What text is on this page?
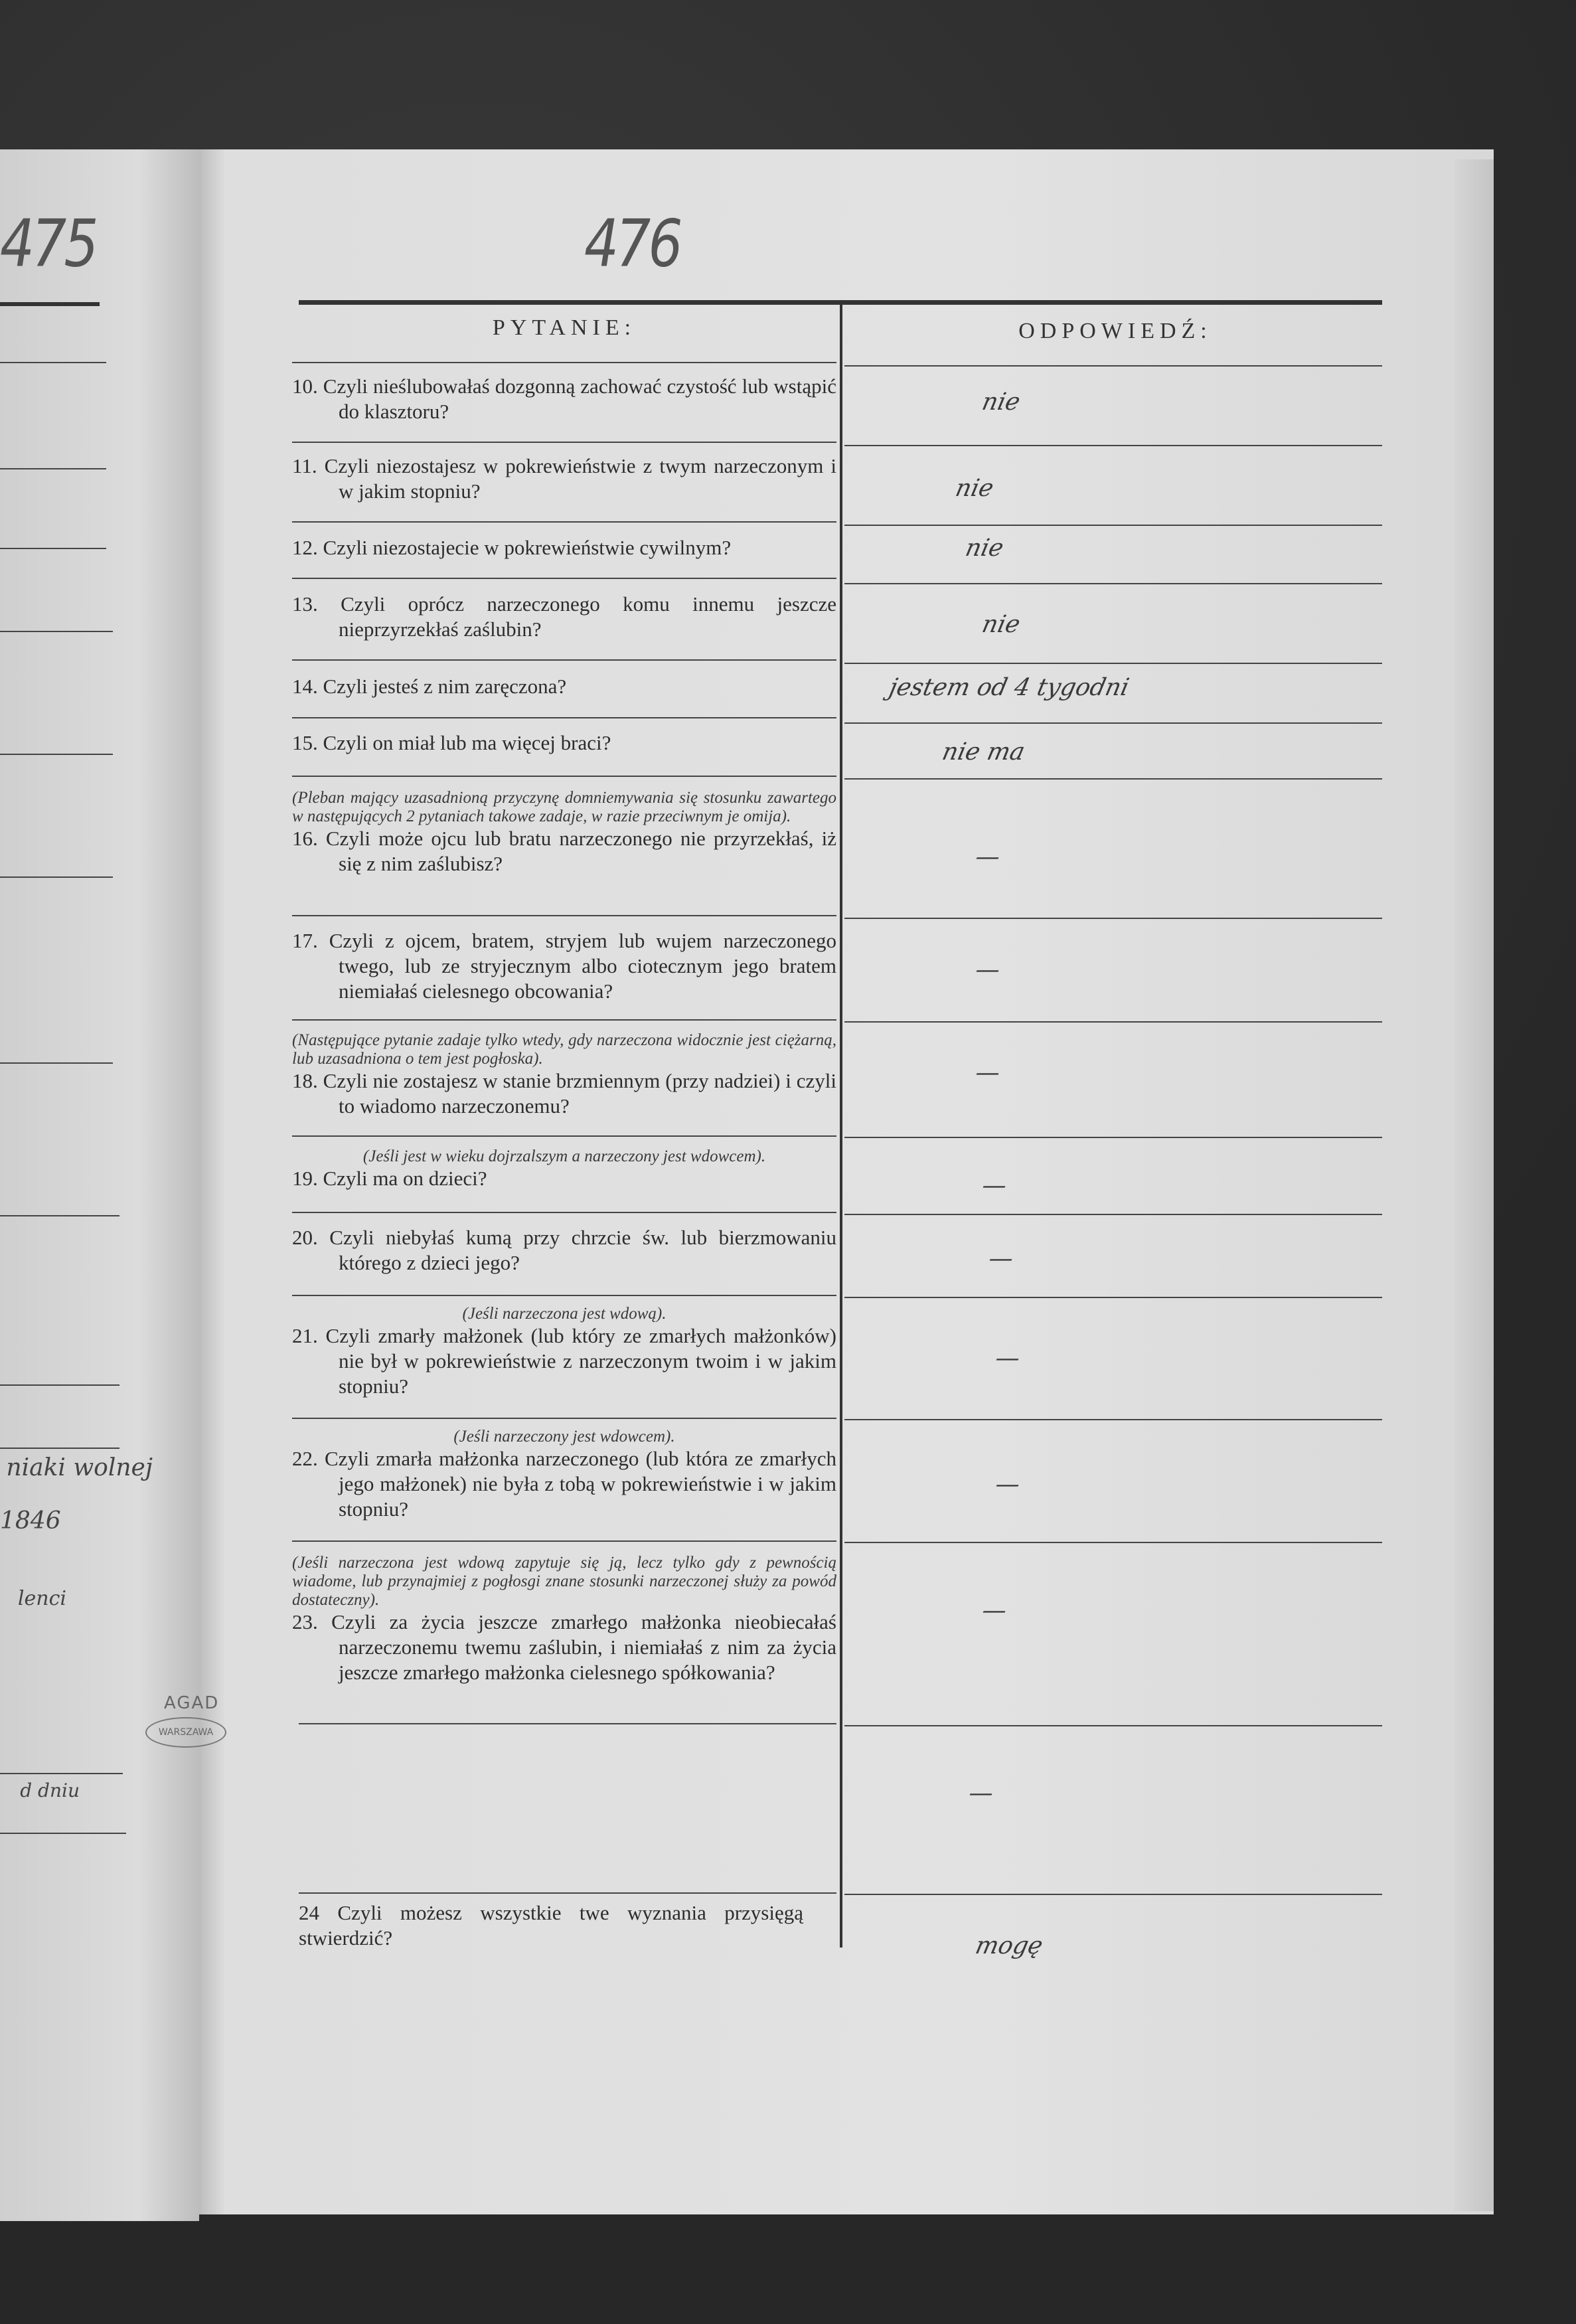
475
niaki wolnej
1846
lenci
d dniu
AGAD
WARSZAWA
476
PYTANIE:	ODPOWIEDŹ:
10. Czyli nieślubowałaś dozgonną zachować czystość lub wstąpić do klasztoru?
11. Czyli niezostajesz w pokrewieństwie z twym narzeczonym i w jakim stopniu?
12. Czyli niezostajecie w pokrewieństwie cywilnym?
13. Czyli oprócz narzeczonego komu innemu jeszcze nieprzyrzekłaś zaślubin?
14. Czyli jesteś z nim zaręczona?
15. Czyli on miał lub ma więcej braci?
(Pleban mający uzasadnioną przyczynę domniemywania się stosunku zawartego w następujących 2 pytaniach takowe zadaje, w razie przeciwnym je omija).
16. Czyli może ojcu lub bratu narzeczonego nie przyrzekłaś, iż się z nim zaślubisz?
17. Czyli z ojcem, bratem, stryjem lub wujem narzeczonego twego, lub ze stryjecznym albo ciotecznym jego bratem niemiałaś cielesnego obcowania?
(Następujące pytanie zadaje tylko wtedy, gdy narzeczona widocznie jest ciężarną, lub uzasadniona o tem jest pogłoska).
18. Czyli nie zostajesz w stanie brzmiennym (przy nadziei) i czyli to wiadomo narzeczonemu?
(Jeśli jest w wieku dojrzalszym a narzeczony jest wdowcem).
19. Czyli ma on dzieci?
20. Czyli niebyłaś kumą przy chrzcie św. lub bierzmowaniu którego z dzieci jego?
(Jeśli narzeczona jest wdową).
21. Czyli zmarły małżonek (lub który ze zmarłych małżonków) nie był w pokrewieństwie z narzeczonym twoim i w jakim stopniu?
(Jeśli narzeczony jest wdowcem).
22. Czyli zmarła małżonka narzeczonego (lub która ze zmarłych jego małżonek) nie była z tobą w pokrewieństwie i w jakim stopniu?
(Jeśli narzeczona jest wdową zapytuje się ją, lecz tylko gdy z pewnością wiadome, lub przynajmiej z pogłosgi znane stosunki narzeczonej służy za powód dostateczny).
23. Czyli za życia jeszcze zmarłego małżonka nieobiecałaś narzeczonemu twemu zaślubin, i niemiałaś z nim za życia jeszcze zmarłego małżonka cielesnego spółkowania?
24 Czyli możesz wszystkie twe wyznania przysięgą stwierdzić?
nie
nie
nie
nie
jestem od 4 tygodni
nie ma
—
—
—
—
—
—
—
—
—
mogę
